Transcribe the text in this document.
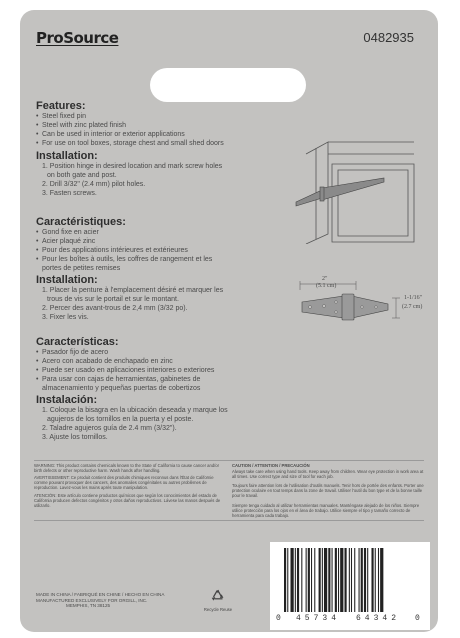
ProSource	0482935
Features:
• Steel fixed pin
• Steel with zinc plated finish
• Can be used in interior or exterior applications
• For use on tool boxes, storage chest and small shed doors
Installation:
1. Position hinge in desired location and mark screw holes
on both gate and post.
2. Drill 3/32" (2.4 mm) pilot holes.
3. Fasten screws.
Caractéristiques:
• Gond fixe en acier
• Acier plaqué zinc
• Pour des applications intérieures et extérieures
• Pour les boîtes à outils, les coffres de rangement et les
portes de petites remises
Installation:
1. Placer la penture à l'emplacement désiré et marquer les
trous de vis sur le portail et sur le montant.
2. Percer des avant-trous de 2,4 mm (3/32 po).
3. Fixer les vis.
Características:
• Pasador fijo de acero
• Acero con acabado de enchapado en zinc
• Puede ser usado en aplicaciones interiores o exteriores
• Para usar con cajas de herramientas, gabinetes de
almacenamiento y pequeñas puertas de cobertizos
Instalación:
1. Coloque la bisagra en la ubicación deseada y marque los
agujeros de los tornillos en la puerta y el poste.
2. Taladre agujeros guía de 2.4 mm (3/32").
3. Ajuste los tornillos.
2"
(5.1 cm)
1-1/16"
(2.7 cm)
WARNING: This product contains chemicals known to the State of California to cause cancer and/or birth defects or other reproductive harm. Wash hands after handling.
AVERTISSEMENT: Ce produit contient des produits chimiques reconnus dans l'État de Californie comme pouvant provoquer des cancers, des anomalies congénitales ou autres problèmes de reproduction. Lavez-vous les mains après toute manipulation.
ATENCIÓN: Este artículo contiene productos químicos que según los conocimientos del estado de California producen defectos congénitos y otros daños reproductivos. Lávese las manos después de utilizarlo.
CAUTION / ATTENTION / PRECAUCIÓN
Always take care when using hand tools. Keep away from children. Wear eye protection in work area at all times. Use correct type and size of tool for each job.
Toujours faire attention lors de l'utilisation d'outils manuels. Tenir hors de portée des enfants. Porter une protection oculaire en tout temps dans la zone de travail. Utiliser l'outil du bon type et de la bonne taille pour le travail.
Siempre tenga cuidado al utilizar herramientas manuales. Manténgase alejado de los niños. Siempre utilice protección para los ojos en el área de trabajo. Utilice siempre el tipo y tamaño correcto de herramienta para cada trabajo.
MADE IN CHINA / FABRIQUÉ EN CHINE / HECHO EN CHINA
MANUFACTURED EXCLUSIVELY FOR ORGILL, INC.
MEMPHIS, TN 38125
Recycle Reuse
0 45734 64342 0
